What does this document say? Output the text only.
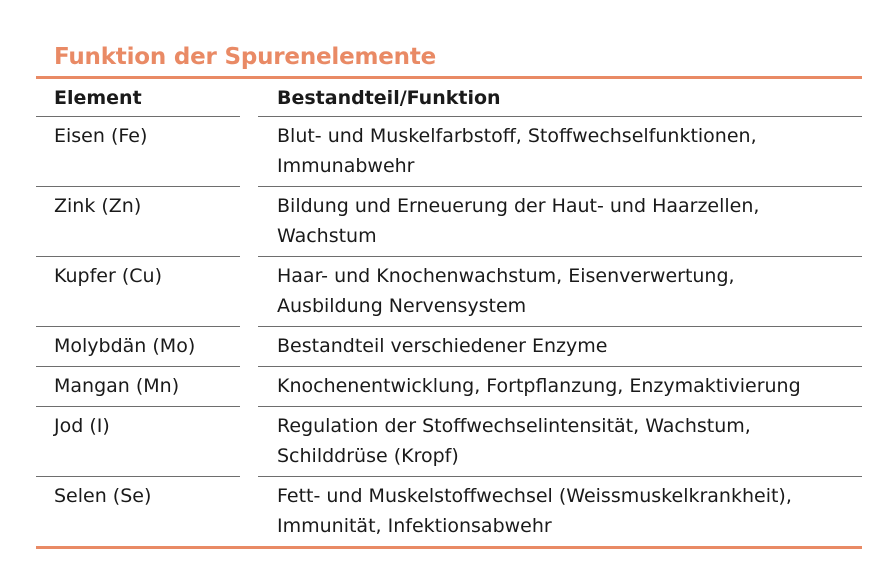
Funktion der Spurenelemente
Element	Bestandteil/Funktion
Eisen (Fe)	Blut- und Muskelfarbstoff, Stoffwechselfunktionen,
Immunabwehr

Zink (Zn)	Bildung und Erneuerung der Haut- und Haarzellen,
Wachstum

Kupfer (Cu)	Haar- und Knochenwachstum, Eisenverwertung,
Ausbildung Nervensystem

Molybdän (Mo)	Bestandteil verschiedener Enzyme

Mangan (Mn)	Knochenentwicklung, Fortpflanzung, Enzymaktivierung

Jod (I)	Regulation der Stoffwechselintensität, Wachstum,
Schilddrüse (Kropf)

Selen (Se)	Fett- und Muskelstoffwechsel (Weissmuskelkrankheit),
Immunität, Infektionsabwehr
